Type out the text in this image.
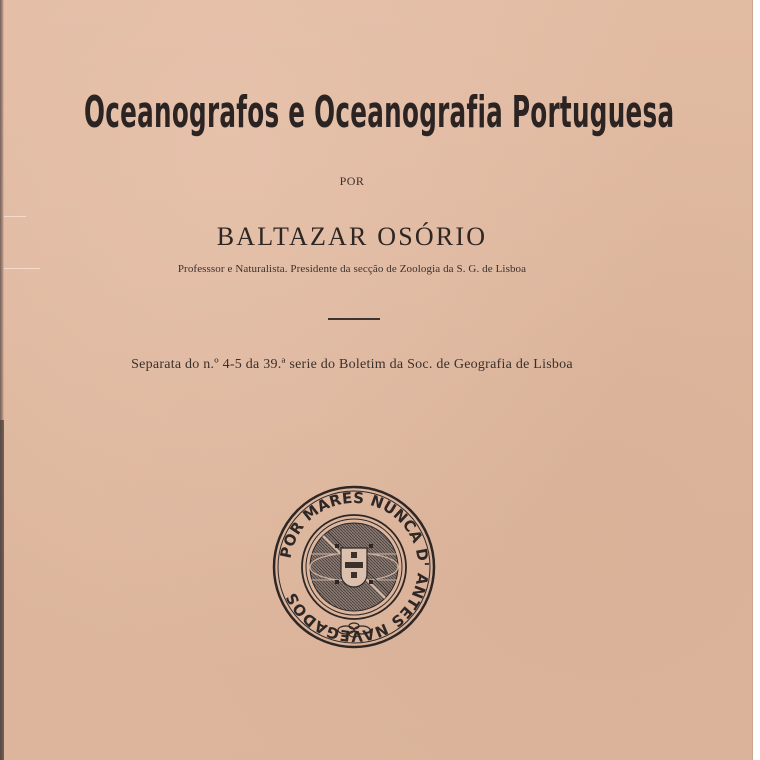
Oceanografos e Oceanografia Portuguesa
POR
BALTAZAR OSÓRIO
Professsor e Naturalista. Presidente da secção de Zoologia da S. G. de Lisboa
Separata do n.º 4-5 da 39.ª serie do Boletim da Soc. de Geografia de Lisboa
POR MARES NUNCA D' ANTES NAVEGADOS
